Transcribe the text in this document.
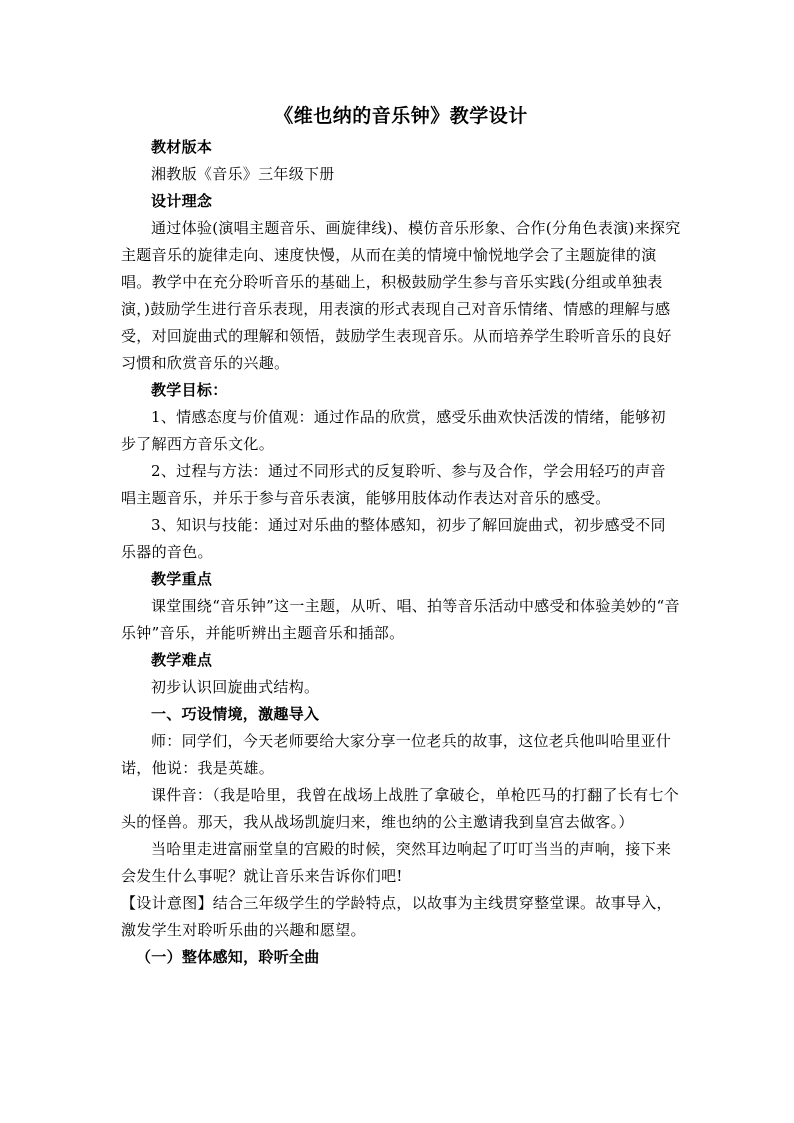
《维也纳的音乐钟》教学设计

教材版本

湘教版《音乐》三年级下册

设计理念

通过体验(演唱主题音乐、画旋律线)、模仿音乐形象、合作(分角色表演)来探究主题音乐的旋律走向、速度快慢，从而在美的情境中愉悦地学会了主题旋律的演唱。教学中在充分聆听音乐的基础上，积极鼓励学生参与音乐实践(分组或单独表演，)鼓励学生进行音乐表现，用表演的形式表现自己对音乐情绪、情感的理解与感受，对回旋曲式的理解和领悟，鼓励学生表现音乐。从而培养学生聆听音乐的良好习惯和欣赏音乐的兴趣。

教学目标：

1、情感态度与价值观：通过作品的欣赏，感受乐曲欢快活泼的情绪，能够初步了解西方音乐文化。

2、过程与方法：通过不同形式的反复聆听、参与及合作，学会用轻巧的声音唱主题音乐，并乐于参与音乐表演，能够用肢体动作表达对音乐的感受。

3、知识与技能：通过对乐曲的整体感知，初步了解回旋曲式，初步感受不同乐器的音色。

教学重点

课堂围绕“音乐钟”这一主题，从听、唱、拍等音乐活动中感受和体验美妙的“音乐钟”音乐，并能听辨出主题音乐和插部。

教学难点

初步认识回旋曲式结构。

一、巧设情境，激趣导入

师：同学们，今天老师要给大家分享一位老兵的故事，这位老兵他叫哈里亚什诺，他说：我是英雄。

课件音：（我是哈里，我曾在战场上战胜了拿破仑，单枪匹马的打翻了长有七个头的怪兽。那天，我从战场凯旋归来，维也纳的公主邀请我到皇宫去做客。）

当哈里走进富丽堂皇的宫殿的时候，突然耳边响起了叮叮当当的声响，接下来会发生什么事呢？就让音乐来告诉你们吧!

【设计意图】结合三年级学生的学龄特点，以故事为主线贯穿整堂课。故事导入，激发学生对聆听乐曲的兴趣和愿望。

（一）整体感知，聆听全曲
